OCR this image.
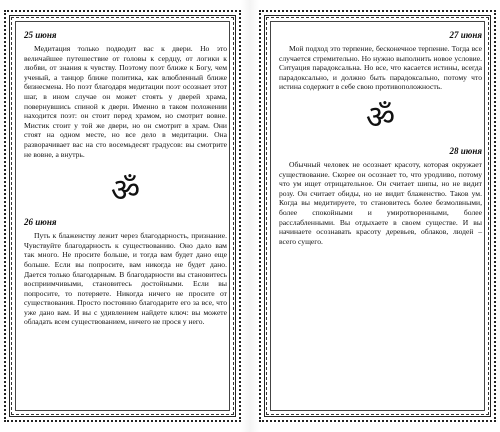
25 июня

Медитация только подводит вас к двери. Но это величайшее путешествие от головы к сердцу, от логики к любви, от знания к чувству. Поэтому поэт ближе к Богу, чем ученый, а танцор ближе политика, как влюбленный ближе бизнесмена. Но поэт благодаря медитации поэт осознает этот шаг, в ином случае он может стоять у дверей храма, повернувшись спиной к двери. Именно в таком положении находится поэт: он стоит перед храмом, но смотрит вовне. Мистик стоит у той же двери, но он смотрит в храм. Они стоят на одном месте, но все дело в медитации. Она разворачивает вас на сто восемьдесят градусов: вы смотрите не вовне, а внутрь.

ॐ
26 июня

Путь к блаженству лежит через благодарность, признание. Чувствуйте благодарность к существованию. Оно дало вам так много. Не просите больше, и тогда вам будет дано еще больше. Если вы попросите, вам никогда не будет дано. Дается только благодарным. В благодарности вы становитесь восприимчивыми, становитесь достойными. Если вы попросите, то потеряете. Никогда ничего не просите от существования. Просто постоянно благодарите его за все, что уже дано вам. И вы с удивлением найдете ключ: вы можете обладать всем существованием, ничего не прося у него.

27 июня

Мой подход это терпение, бесконечное терпение. Тогда все случается стремительно. Но нужно выполнить новое условие. Ситуация парадоксальна. Но все, что касается истины, всегда парадоксально, и должно быть парадоксально, потому что истина содержит в себе свою противоположность.

ॐ
28 июня

Обычный человек не осознает красоту, которая окружает существование. Скорее он осознает то, что уродливо, потому что ум ищет отрицательное. Он считает шипы, но не видит розу. Он считает обиды, но не видит блаженство. Таков ум. Когда вы медитируете, то становитесь более безмолвными, более спокойными и умиротворенными, более расслабленными. Вы отдыхаете в своем существе. И вы начинаете осознавать красоту деревьев, облаков, людей – всего сущего.
